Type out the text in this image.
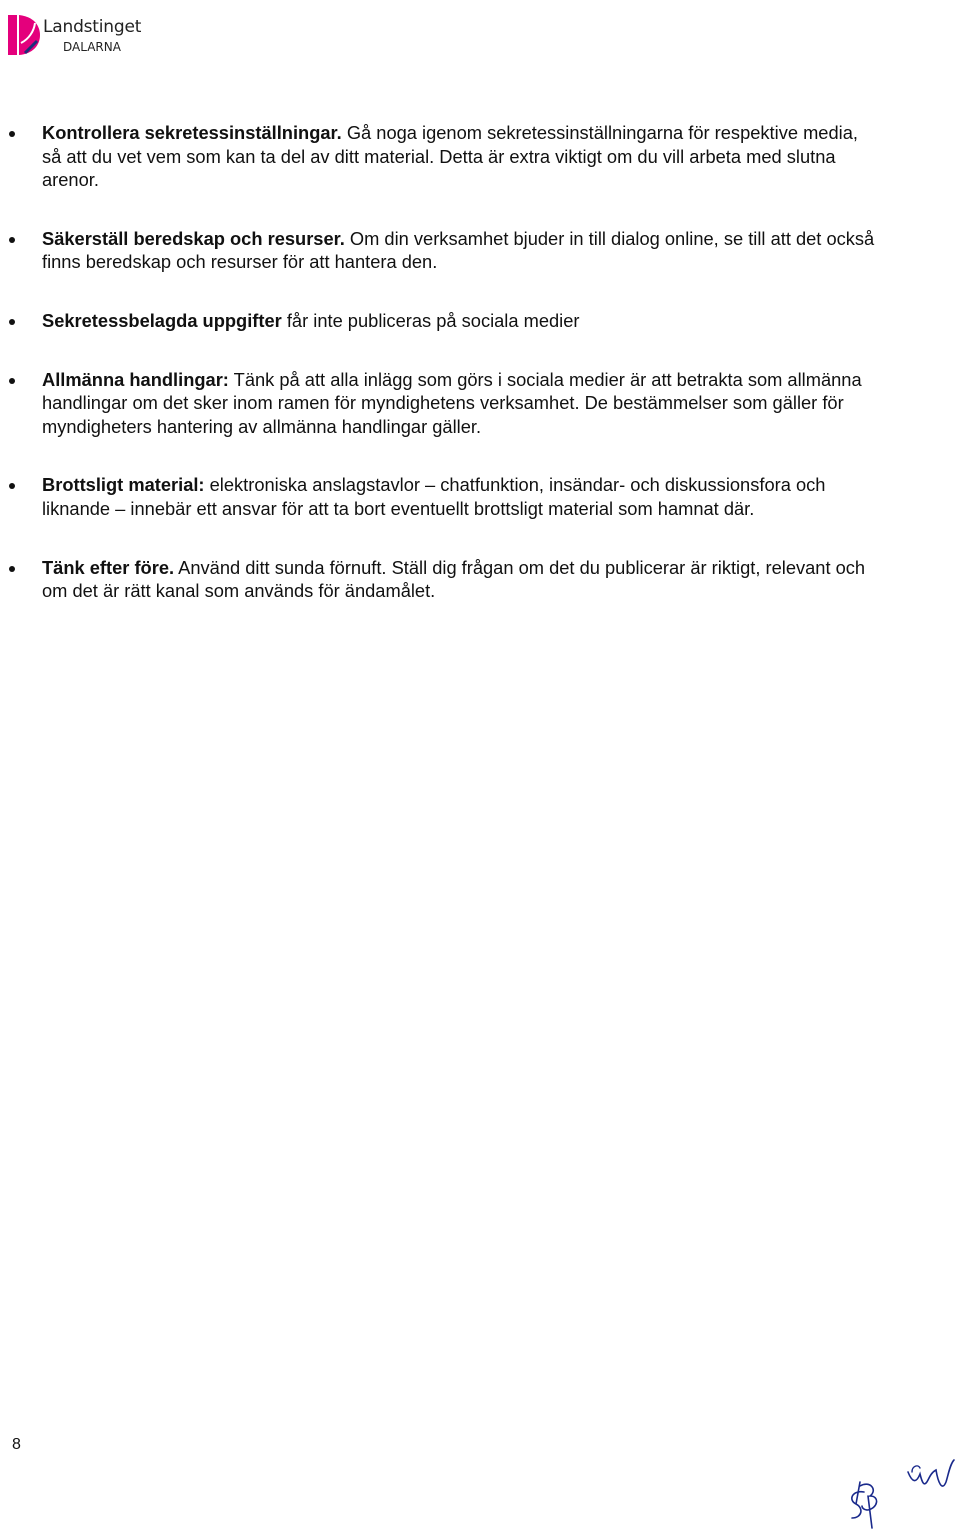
Landstinget
DALARNA
Kontrollera sekretessinställningar. Gå noga igenom sekretessinställningarna för respektive media, så att du vet vem som kan ta del av ditt material. Detta är extra viktigt om du vill arbeta med slutna arenor.
Säkerställ beredskap och resurser. Om din verksamhet bjuder in till dialog online, se till att det också finns beredskap och resurser för att hantera den.
Sekretessbelagda uppgifter får inte publiceras på sociala medier
Allmänna handlingar: Tänk på att alla inlägg som görs i sociala medier är att betrakta som allmänna handlingar om det sker inom ramen för myndighetens verksamhet. De bestämmelser som gäller för myndigheters hantering av allmänna handlingar gäller.
Brottsligt material: elektroniska anslagstavlor – chatfunktion, insändar- och diskussionsfora och liknande – innebär ett ansvar för att ta bort eventuellt brottsligt material som hamnat där.
Tänk efter före. Använd ditt sunda förnuft. Ställ dig frågan om det du publicerar är riktigt, relevant och om det är rätt kanal som används för ändamålet.
8
